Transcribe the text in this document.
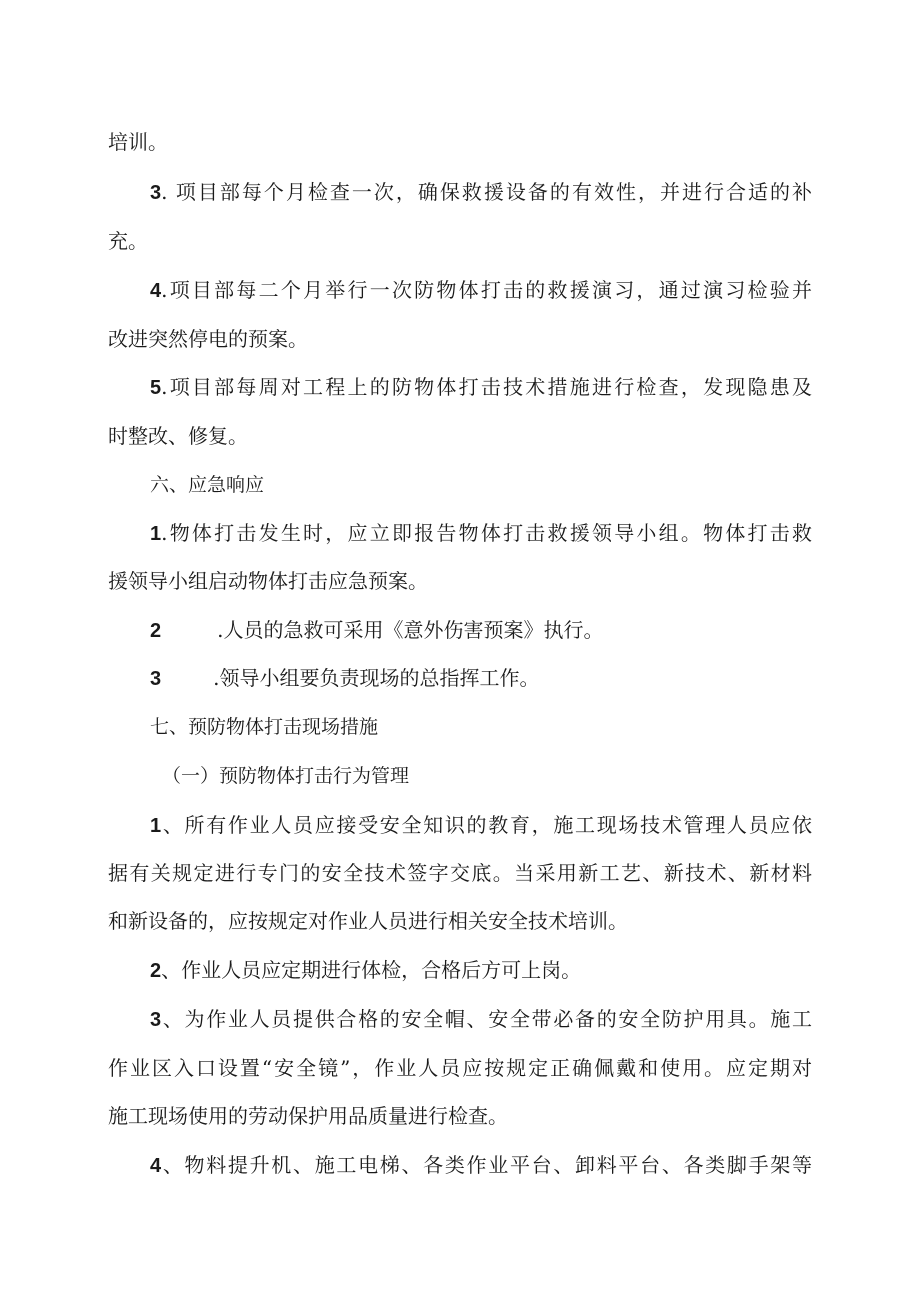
培训。
3. 项目部每个月检查一次，确保救援设备的有效性，并进行合适的补
充。
4.项目部每二个月举行一次防物体打击的救援演习，通过演习检验并
改进突然停电的预案。
5.项目部每周对工程上的防物体打击技术措施进行检查，发现隐患及
时整改、修复。
六、应急响应
1.物体打击发生时，应立即报告物体打击救援领导小组。物体打击救
援领导小组启动物体打击应急预案。
2	.人员的急救可采用《意外伤害预案》执行。
3	.领导小组要负责现场的总指挥工作。
七、预防物体打击现场措施
（一）预防物体打击行为管理
1、所有作业人员应接受安全知识的教育，施工现场技术管理人员应依
据有关规定进行专门的安全技术签字交底。当采用新工艺、新技术、新材料
和新设备的，应按规定对作业人员进行相关安全技术培训。
2、作业人员应定期进行体检，合格后方可上岗。
3、为作业人员提供合格的安全帽、安全带必备的安全防护用具。施工
作业区入口设置“安全镜”，作业人员应按规定正确佩戴和使用。应定期对
施工现场使用的劳动保护用品质量进行检查。
4、物料提升机、施工电梯、各类作业平台、卸料平台、各类脚手架等
